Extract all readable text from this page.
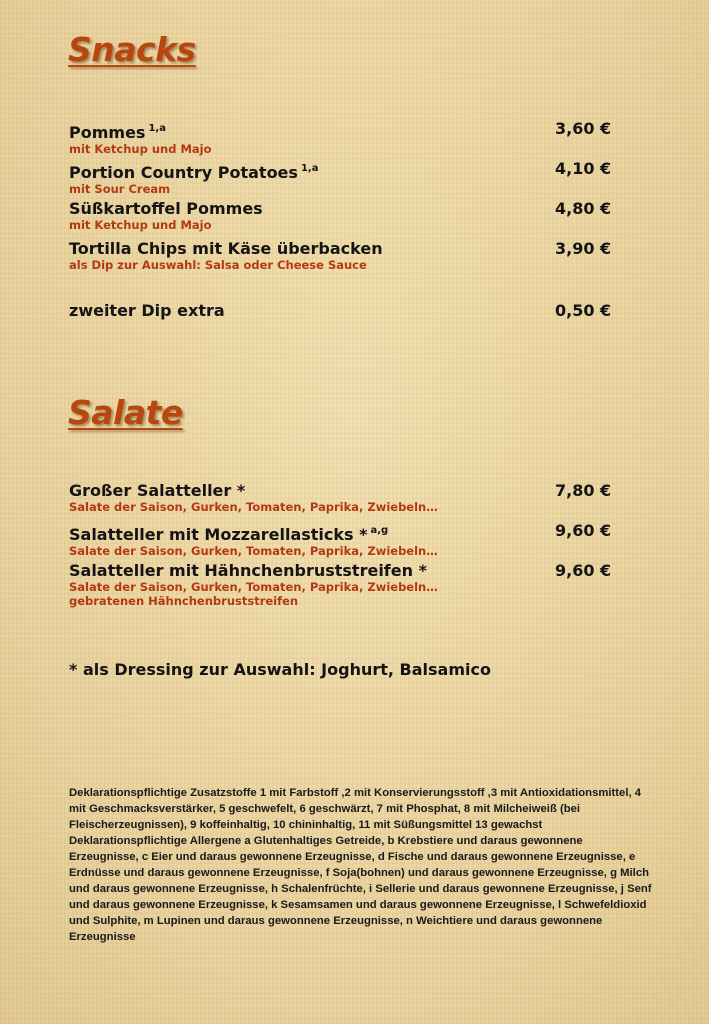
Snacks
Pommes $^{1,a}$	3,60 €
mit Ketchup und Majo
Portion Country Potatoes $^{1,a}$	4,10 €
mit Sour Cream
Süßkartoffel Pommes	4,80 €
mit Ketchup und Majo
Tortilla Chips mit Käse überbacken	3,90 €
als Dip zur Auswahl: Salsa oder Cheese Sauce
zweiter Dip extra	0,50 €
Salate
Großer Salatteller *	7,80 €
Salate der Saison, Gurken, Tomaten, Paprika, Zwiebeln…
Salatteller mit Mozzarellasticks * $^{a,g}$	9,60 €
Salate der Saison, Gurken, Tomaten, Paprika, Zwiebeln…
Salatteller mit Hähnchenbruststreifen *	9,60 €
Salate der Saison, Gurken, Tomaten, Paprika, Zwiebeln…
gebratenen Hähnchenbruststreifen
* als Dressing zur Auswahl: Joghurt, Balsamico

Deklarationspflichtige Zusatzstoffe 1 mit Farbstoff ,2 mit Konservierungsstoff ,3 mit Antioxidationsmittel, 4 mit Geschmacksverstärker, 5 geschwefelt, 6 geschwärzt, 7 mit Phosphat, 8 mit Milcheiweiß (bei Fleischerzeugnissen), 9 koffeinhaltig, 10 chininhaltig, 11 mit Süßungsmittel 13 gewachst

Deklarationspflichtige Allergene a Glutenhaltiges Getreide, b Krebstiere und daraus gewonnene Erzeugnisse, c Eier und daraus gewonnene Erzeugnisse, d Fische und daraus gewonnene Erzeugnisse, e Erdnüsse und daraus gewonnene Erzeugnisse, f Soja(bohnen) und daraus gewonnene Erzeugnisse, g Milch und daraus gewonnene Erzeugnisse, h Schalenfrüchte, i Sellerie und daraus gewonnene Erzeugnisse, j Senf und daraus gewonnene Erzeugnisse, k Sesamsamen und daraus gewonnene Erzeugnisse, l Schwefeldioxid und Sulphite, m Lupinen und daraus gewonnene Erzeugnisse, n Weichtiere und daraus gewonnene Erzeugnisse
